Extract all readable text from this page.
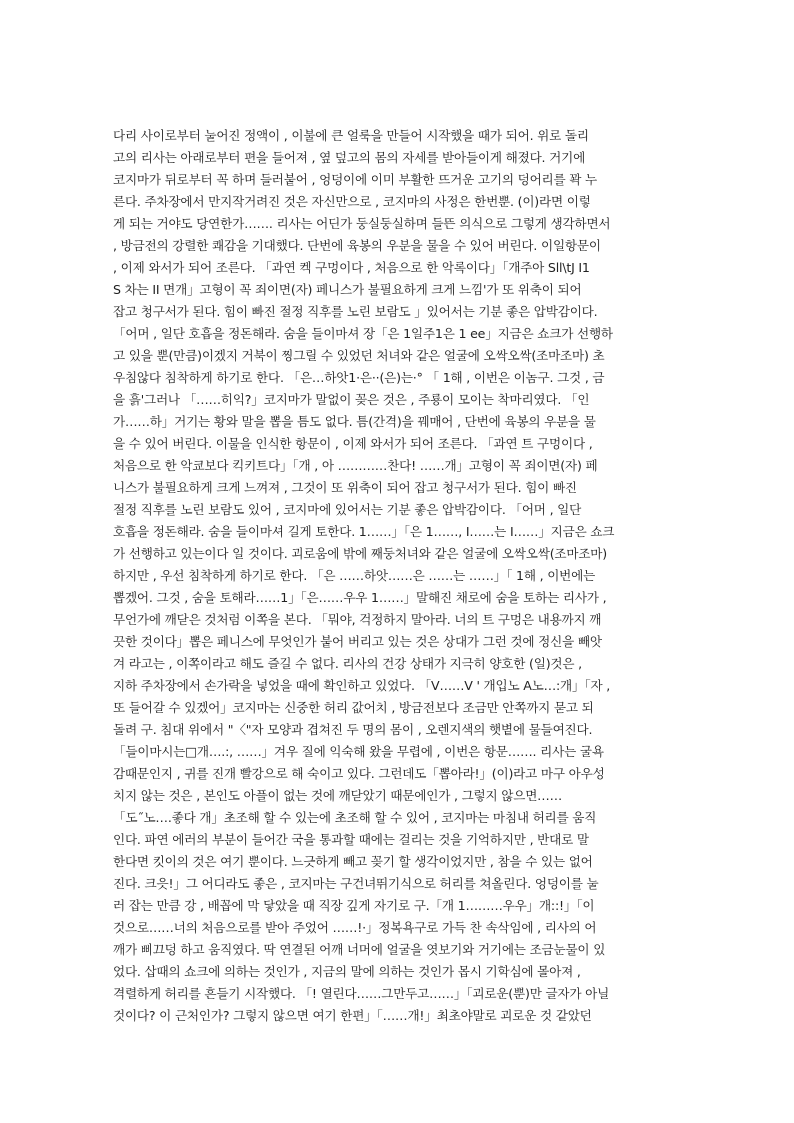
다리 사이로부터 눌어진 정액이 , 이불에 큰 얼룩을 만들어 시작했을 때가 되어. 위로 돌리
고의 리사는 아래로부터 편을 들어져 , 옆 덮고의 몸의 자세를 받아들이게 해졌다. 거기에
코지마가 뒤로부터 꼭 하며 들러붙어 , 엉덩이에 이미 부활한 뜨거운 고기의 덩어리를 꽉 누
른다. 주차장에서 만지작거려진 것은 자신만으로 , 코지마의 사정은 한번뿐. (이)라면 이렇
게 되는 거야도 당연한가……. 리사는 어딘가 둥실둥실하며 들뜬 의식으로 그렇게 생각하면서
, 방금전의 강렬한 쾌감을 기대했다. 단번에 육봉의 우분을 물을 수 있어 버린다. 이일항문이
, 이제 와서가 되어 조른다. 「과연 켁 구멍이다 , 처음으로 한 악록이다」「개주아 Sll\tJ I1
S 차는 II 면개」고형이 꼭 죄이면(자) 페니스가 불필요하게 크게 느낌'가 또 위축이 되어
잡고 청구서가 된다. 힘이 빠진 절정 직후를 노린 보람도 」있어서는 기분 좋은 압박감이다.
「어머 , 일단 호흡을 정돈해라. 숨을 들이마셔 장「은 1일주1은 1 ee」지금은 쇼크가 선행하
고 있을 뿐(만큼)이겠지 거북이 찡그릴 수 있었던 처녀와 같은 얼굴에 오싹오싹(조마조마) 초
우침않다 침착하게 하기로 한다. 「은…하앗1·은··(은)는·° 「 1해 , 이번은 이놈구. 그것 , 금
을 흙'그러나 「……히익?」코지마가 말없이 꽂은 것은 , 주룡이 모이는 착마리였다. 「인
가……하」거기는 황와 말을 뽑을 틈도 없다. 틈(간격)을 꿰매어 , 단번에 육봉의 우분을 물
을 수 있어 버린다. 이물을 인식한 항문이 , 이제 와서가 되어 조른다. 「과연 트 구멍이다 ,
처음으로 한 악쿄보다 킥키트다」「개 , 아 …………찬다! ……개」고형이 꼭 죄이면(자) 페
니스가 불필요하게 크게 느껴져 , 그것이 또 위축이 되어 잡고 청구서가 된다. 힘이 빠진
절정 직후를 노린 보람도 있어 , 코지마에 있어서는 기분 좋은 압박감이다. 「어머 , 일단
호흡을 정돈해라. 숨을 들이마셔 길게 토한다. 1……」「은 1……, I……는 I……」지금은 쇼크
가 선행하고 있는이다 일 것이다. 괴로움에 밖에 째둥처녀와 같은 얼굴에 오싹오싹(조마조마)
하지만 , 우선 침착하게 하기로 한다. 「은 ……하앗……은 ……는 ……」「 1해 , 이번에는
뽑겠어. 그것 , 숨을 토해라……1」「은……우우 1……」말해진 채로에 숨을 토하는 리사가 ,
무언가에 깨닫은 것처럼 이쪽을 본다. 「뭐야, 걱정하지 말아라. 너의 트 구멍은 내용까지 깨
끗한 것이다」뽑은 페니스에 무엇인가 붙어 버리고 있는 것은 상대가 그런 것에 정신을 빼앗
겨 라고는 , 이쪽이라고 해도 즐길 수 없다. 리사의 건강 상태가 지극히 양호한 (일)것은 ,
지하 주차장에서 손가락을 넣었을 때에 확인하고 있었다. 「V……V ' 개입노 A노…:개」「자 ,
또 들어갈 수 있겠어」코지마는 신중한 허리 값어치 , 방금전보다 조금만 안쪽까지 묻고 되
돌려 구. 침대 위에서 "〈"자 모양과 겹쳐진 두 명의 몸이 , 오렌지색의 햇볕에 물들여진다.
「들이마시는□개….:, ……」겨우 질에 익숙해 왔을 무렵에 , 이번은 항문……. 리사는 굴욕
감때문인지 , 귀를 진개 빨강으로 해 숙이고 있다. 그런데도「뽑아라!」(이)라고 마구 아우성
치지 않는 것은 , 본인도 아플이 없는 것에 깨닫았기 때문에인가 , 그렇지 않으면……
「도˝노….좋다 개」초조해 할 수 있는에 초조해 할 수 있어 , 코지마는 마침내 허리를 움직
인다. 파연 에러의 부분이 들어간 국을 통과할 때에는 걸리는 것을 기억하지만 , 반대로 말
한다면 킷이의 것은 여기 뿐이다. 느긋하게 빼고 꽂기 할 생각이었지만 , 참을 수 있는 없어
진다. 크읏!」그 어디라도 좋은 , 코지마는 구건녀뛰기식으로 허리를 쳐올린다. 엉덩이를 눌
러 잡는 만큼 강 , 배꼽에 막 닿았을 때 직장 깊게 자기로 구.「개 1………우우」개::!」「이
것으로……너의 처음으로를 받아 주었어 ……!·」정복욕구로 가득 찬 속삭임에 , 리사의 어
깨가 삐끄덩 하고 움직였다. 딱 연결된 어깨 너머에 얼굴을 엿보기와 거기에는 조금눈물이 있
었다. 삽때의 쇼크에 의하는 것인가 , 지금의 말에 의하는 것인가 몹시 기학심에 몰아져 ,
격렬하게 허리를 흔들기 시작했다. 「! 열린다……그만두고……」「괴로운(뿐)만 글자가 아닐
것이다? 이 근처인가? 그렇지 않으면 여기 한편」「……개!」최초야말로 괴로운 것 같았던
